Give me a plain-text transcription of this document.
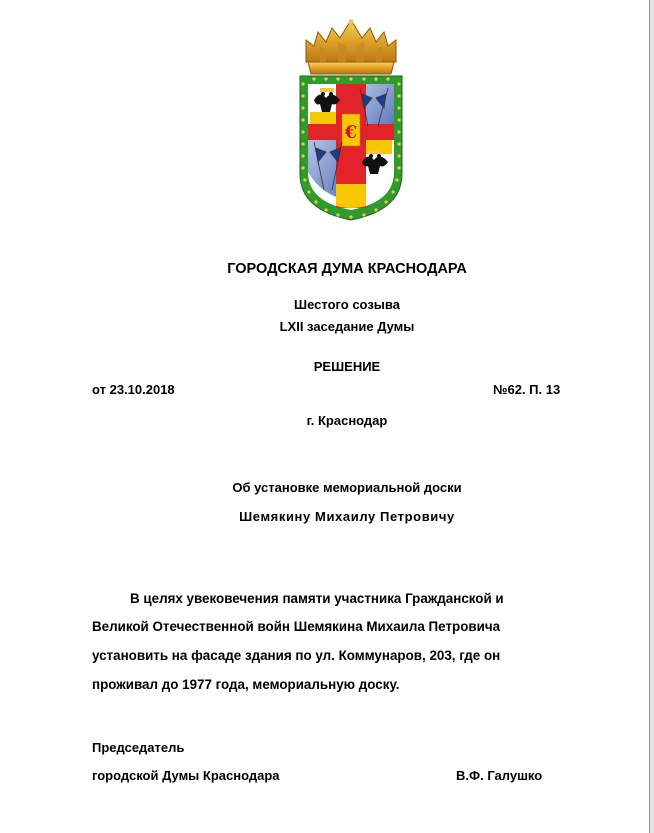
€
ГОРОДСКАЯ ДУМА КРАСНОДАРА
Шестого созыва
LXII заседание Думы
РЕШЕНИЕ
от 23.10.2018	№62. П. 13
г. Краснодар
Об установке мемориальной доски
Шемякину Михаилу Петровичу
В целях увековечения памяти участника Гражданской и
Великой Отечественной войн Шемякина Михаила Петровича
установить на фасаде здания по ул. Коммунаров, 203, где он
проживал до 1977 года, мемориальную доску.
Председатель
городской Думы Краснодара	В.Ф. Галушко
